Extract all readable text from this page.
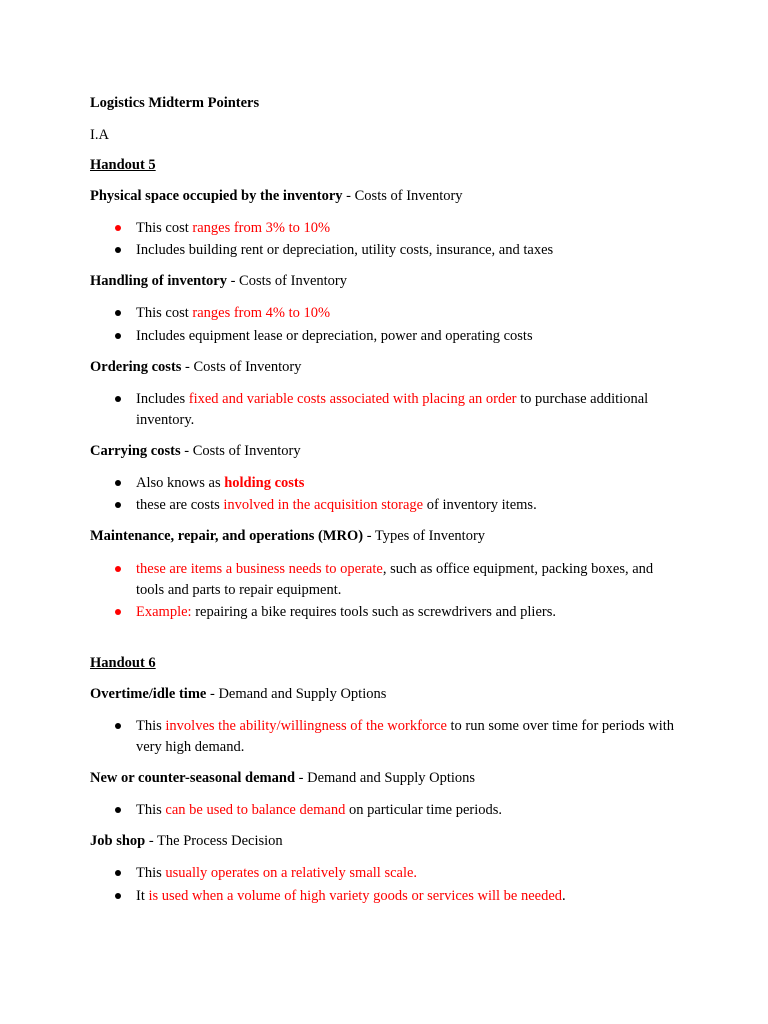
Logistics Midterm Pointers
I.A
Handout 5
Physical space occupied by the inventory - Costs of Inventory
This cost ranges from 3% to 10%
Includes building rent or depreciation, utility costs, insurance, and taxes
Handling of inventory - Costs of Inventory
This cost ranges from 4% to 10%
Includes equipment lease or depreciation, power and operating costs
Ordering costs - Costs of Inventory
Includes fixed and variable costs associated with placing an order to purchase additional inventory.
Carrying costs - Costs of Inventory
Also knows as holding costs
these are costs involved in the acquisition storage of inventory items.
Maintenance, repair, and operations (MRO) - Types of Inventory
these are items a business needs to operate, such as office equipment, packing boxes, and tools and parts to repair equipment.
Example: repairing a bike requires tools such as screwdrivers and pliers.
Handout 6
Overtime/idle time - Demand and Supply Options
This involves the ability/willingness of the workforce to run some over time for periods with very high demand.
New or counter-seasonal demand - Demand and Supply Options
This can be used to balance demand on particular time periods.
Job shop - The Process Decision
This usually operates on a relatively small scale.
It is used when a volume of high variety goods or services will be needed.
